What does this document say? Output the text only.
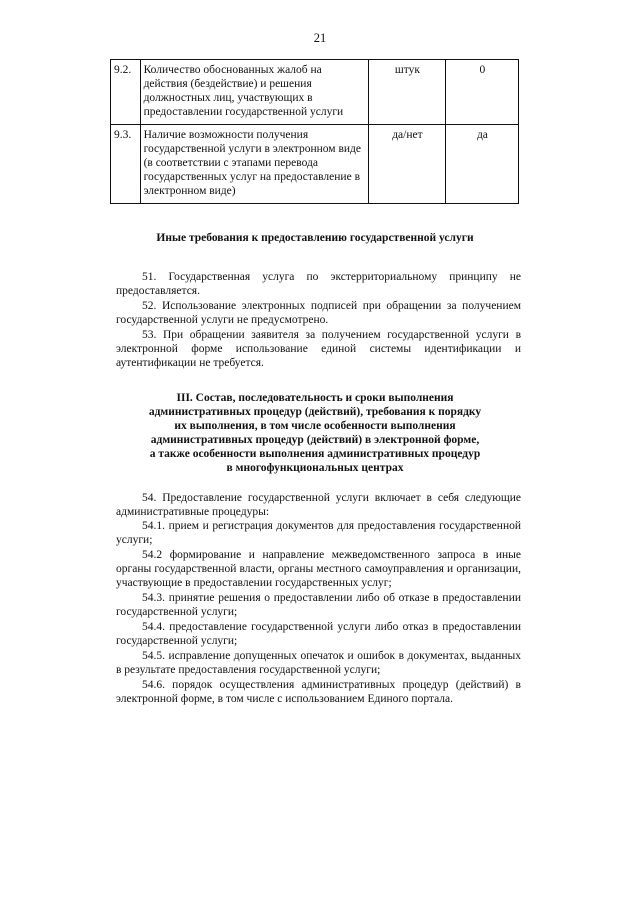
21
9.2.	Количество обоснованных жалоб на действия (бездействие) и решения должностных лиц, участвующих в предоставлении государственной услуги	штук	0
9.3.	Наличие возможности получения государственной услуги в электронном виде (в соответствии с этапами перевода государственных услуг на предоставление в электронном виде)	да/нет	да
Иные требования к предоставлению государственной услуги

51. Государственная услуга по экстерриториальному принципу не предоставляется.

52. Использование электронных подписей при обращении за получением государственной услуги не предусмотрено.

53. При обращении заявителя за получением государственной услуги в электронной форме использование единой системы идентификации и аутентификации не требуется.

III. Состав, последовательность и сроки выполнения
административных процедур (действий), требования к порядку
их выполнения, в том числе особенности выполнения
административных процедур (действий) в электронной форме,
а также особенности выполнения административных процедур
в многофункциональных центрах

54. Предоставление государственной услуги включает в себя следующие административные процедуры:

54.1. прием и регистрация документов для предоставления государственной услуги;

54.2 формирование и направление межведомственного запроса в иные органы государственной власти, органы местного самоуправления и организации, участвующие в предоставлении государственных услуг;

54.3. принятие решения о предоставлении либо об отказе в предоставлении государственной услуги;

54.4. предоставление государственной услуги либо отказ в предоставлении государственной услуги;

54.5. исправление допущенных опечаток и ошибок в документах, выданных в результате предоставления государственной услуги;

54.6. порядок осуществления административных процедур (действий) в электронной форме, в том числе с использованием Единого портала.
